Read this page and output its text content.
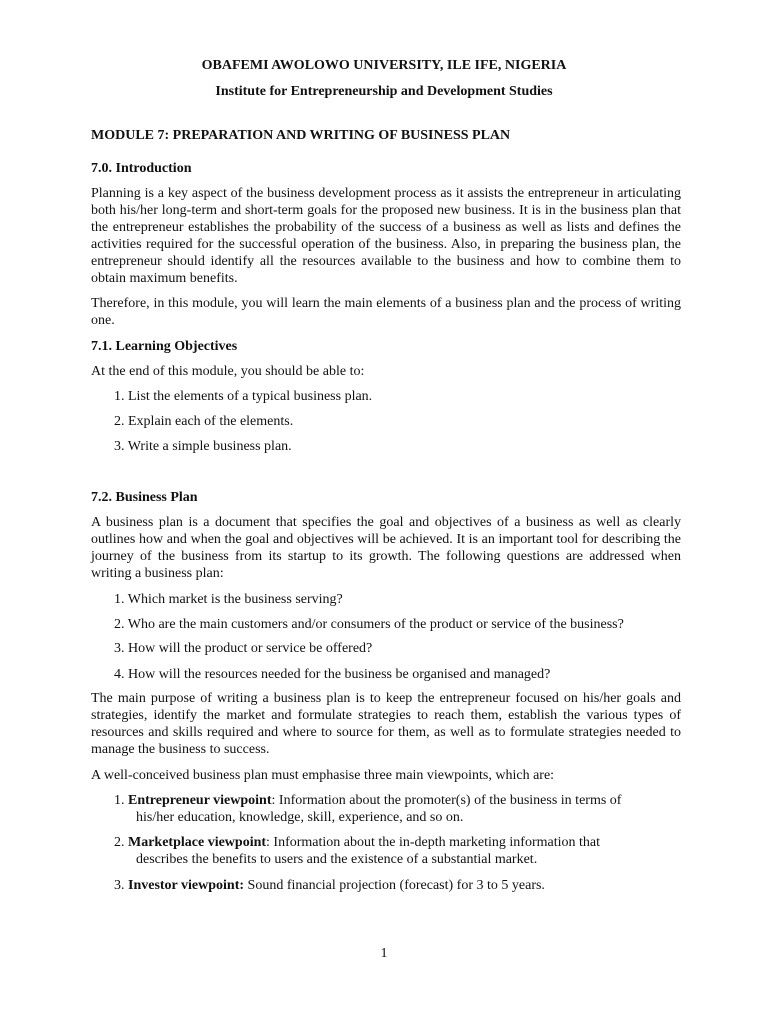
OBAFEMI AWOLOWO UNIVERSITY, ILE IFE, NIGERIA
Institute for Entrepreneurship and Development Studies
MODULE 7: PREPARATION AND WRITING OF BUSINESS PLAN
7.0. Introduction
Planning is a key aspect of the business development process as it assists the entrepreneur in articulating both his/her long-term and short-term goals for the proposed new business. It is in the business plan that the entrepreneur establishes the probability of the success of a business as well as lists and defines the activities required for the successful operation of the business. Also, in preparing the business plan, the entrepreneur should identify all the resources available to the business and how to combine them to obtain maximum benefits.
Therefore, in this module, you will learn the main elements of a business plan and the process of writing one.
7.1. Learning Objectives
At the end of this module, you should be able to:
1. List the elements of a typical business plan.
2. Explain each of the elements.
3. Write a simple business plan.
7.2. Business Plan
A business plan is a document that specifies the goal and objectives of a business as well as clearly outlines how and when the goal and objectives will be achieved. It is an important tool for describing the journey of the business from its startup to its growth. The following questions are addressed when writing a business plan:
1. Which market is the business serving?
2. Who are the main customers and/or consumers of the product or service of the business?
3. How will the product or service be offered?
4. How will the resources needed for the business be organised and managed?
The main purpose of writing a business plan is to keep the entrepreneur focused on his/her goals and strategies, identify the market and formulate strategies to reach them, establish the various types of resources and skills required and where to source for them, as well as to formulate strategies needed to manage the business to success.
A well-conceived business plan must emphasise three main viewpoints, which are:
1. Entrepreneur viewpoint: Information about the promoter(s) of the business in terms of
his/her education, knowledge, skill, experience, and so on.
2. Marketplace viewpoint: Information about the in-depth marketing information that
describes the benefits to users and the existence of a substantial market.
3. Investor viewpoint: Sound financial projection (forecast) for 3 to 5 years.
1
